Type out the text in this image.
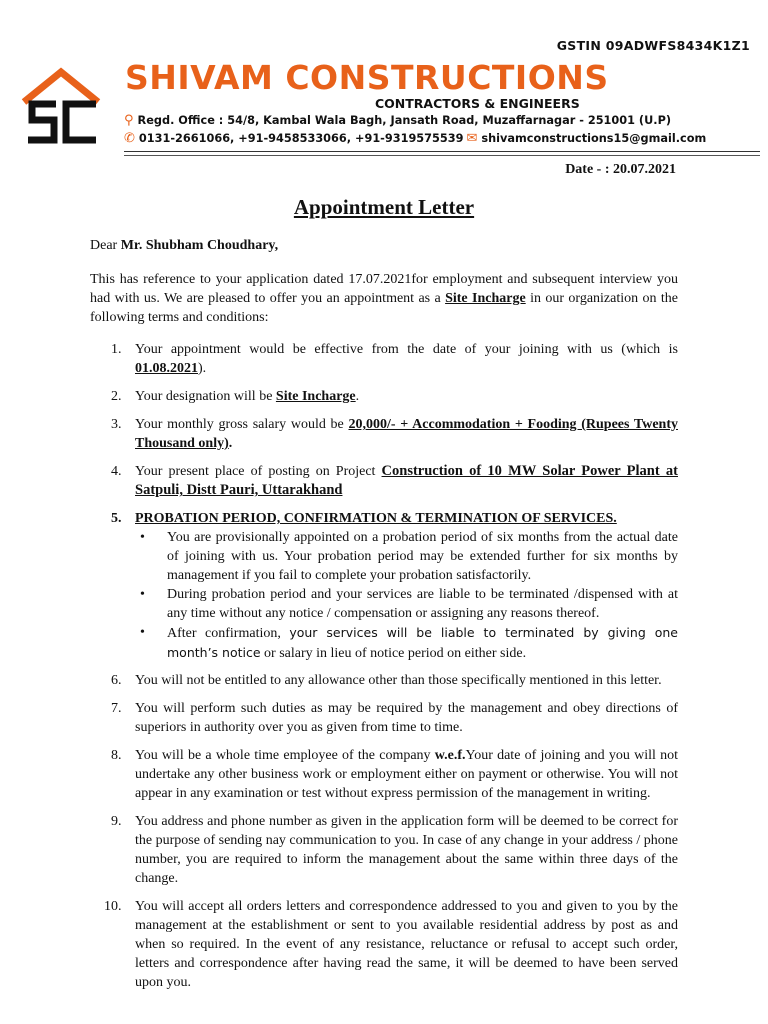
GSTIN 09ADWFS8434K1Z1
SHIVAM CONSTRUCTIONS
CONTRACTORS & ENGINEERS
⚲ Regd. Office : 54/8, Kambal Wala Bagh, Jansath Road, Muzaffarnagar - 251001 (U.P)
✆ 0131-2661066, +91-9458533066, +91-9319575539 ✉ shivamconstructions15@gmail.com
Date - : 20.07.2021
Appointment Letter

Dear Mr. Shubham Choudhary,

This has reference to your application dated 17.07.2021for employment and subsequent interview you had with us. We are pleased to offer you an appointment as a Site Incharge in our organization on the following terms and conditions:

1. Your appointment would be effective from the date of your joining with us (which is 01.08.2021).
2. Your designation will be Site Incharge.
3. Your monthly gross salary would be 20,000/- + Accommodation + Fooding (Rupees Twenty Thousand only).
4. Your present place of posting on Project Construction of 10 MW Solar Power Plant at Satpuli, Distt Pauri, Uttarakhand
5. PROBATION PERIOD, CONFIRMATION & TERMINATION OF SERVICES.
• You are provisionally appointed on a probation period of six months from the actual date of joining with us. Your probation period may be extended further for six months by management if you fail to complete your probation satisfactorily.
• During probation period and your services are liable to be terminated /dispensed with at any time without any notice / compensation or assigning any reasons thereof.
• After confirmation, your services will be liable to terminated by giving one month’s notice or salary in lieu of notice period on either side.
6. You will not be entitled to any allowance other than those specifically mentioned in this letter.
7. You will perform such duties as may be required by the management and obey directions of superiors in authority over you as given from time to time.
8. You will be a whole time employee of the company w.e.f.Your date of joining and you will not undertake any other business work or employment either on payment or otherwise. You will not appear in any examination or test without express permission of the management in writing.
9. You address and phone number as given in the application form will be deemed to be correct for the purpose of sending nay communication to you. In case of any change in your address / phone number, you are required to inform the management about the same within three days of the change.
10. You will accept all orders letters and correspondence addressed to you and given to you by the management at the establishment or sent to you available residential address by post as and when so required. In the event of any resistance, reluctance or refusal to accept such order, letters and correspondence after having read the same, it will be deemed to have been served upon you.
